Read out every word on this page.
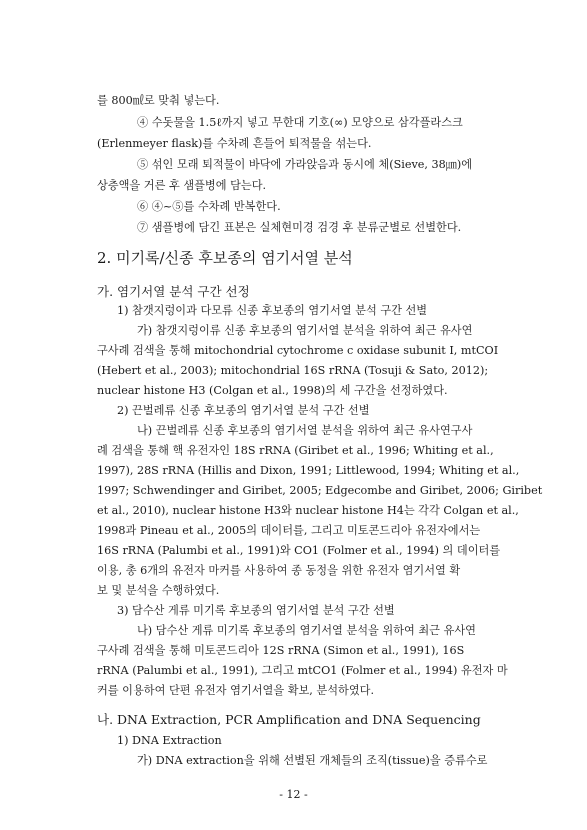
를 800㎖로 맞춰 넣는다.
④ 수돗물을 1.5ℓ까지 넣고 무한대 기호(∞) 모양으로 삼각플라스크
(Erlenmeyer flask)를 수차례 흔들어 퇴적물을 섞는다.
⑤ 섞인 모래 퇴적물이 바닥에 가라앉음과 동시에 체(Sieve, 38㎛)에
상층액을 거른 후 샘플병에 담는다.
⑥ ④~⑤를 수차례 반복한다.
⑦ 샘플병에 담긴 표본은 실체현미경 검경 후 분류군별로 선별한다.
2. 미기록/신종 후보종의 염기서열 분석
가. 염기서열 분석 구간 선정
1) 참갯지렁이과 다모류 신종 후보종의 염기서열 분석 구간 선별
가) 참갯지렁이류 신종 후보종의 염기서열 분석을 위하여 최근 유사연
구사례 검색을 통해 mitochondrial cytochrome c oxidase subunit I, mtCOI
(Hebert et al., 2003); mitochondrial 16S rRNA (Tosuji & Sato, 2012);
nuclear histone H3 (Colgan et al., 1998)의 세 구간을 선정하였다.
2) 끈벌레류 신종 후보종의 염기서열 분석 구간 선별
나) 끈벌레류 신종 후보종의 염기서열 분석을 위하여 최근 유사연구사
례 검색을 통해 핵 유전자인 18S rRNA (Giribet et al., 1996; Whiting et al.,
1997), 28S rRNA (Hillis and Dixon, 1991; Littlewood, 1994; Whiting et al.,
1997; Schwendinger and Giribet, 2005; Edgecombe and Giribet, 2006; Giribet
et al., 2010), nuclear histone H3와 nuclear histone H4는 각각 Colgan et al.,
1998과 Pineau et al., 2005의 데이터를, 그리고 미토콘드리아 유전자에서는
16S rRNA (Palumbi et al., 1991)와 CO1 (Folmer et al., 1994) 의 데이터를
이용, 총 6개의 유전자 마커를 사용하여 종 동정을 위한 유전자 염기서열 확
보 및 분석을 수행하였다.
3) 담수산 게류 미기록 후보종의 염기서열 분석 구간 선별
나) 담수산 게류 미기록 후보종의 염기서열 분석을 위하여 최근 유사연
구사례 검색을 통해 미토콘드리아 12S rRNA (Simon et al., 1991), 16S
rRNA (Palumbi et al., 1991), 그리고 mtCO1 (Folmer et al., 1994) 유전자 마
커를 이용하여 단편 유전자 염기서열을 확보, 분석하였다.
나. DNA Extraction, PCR Amplification and DNA Sequencing
1) DNA Extraction
가) DNA extraction을 위해 선별된 개체들의 조직(tissue)을 증류수로
- 12 -
